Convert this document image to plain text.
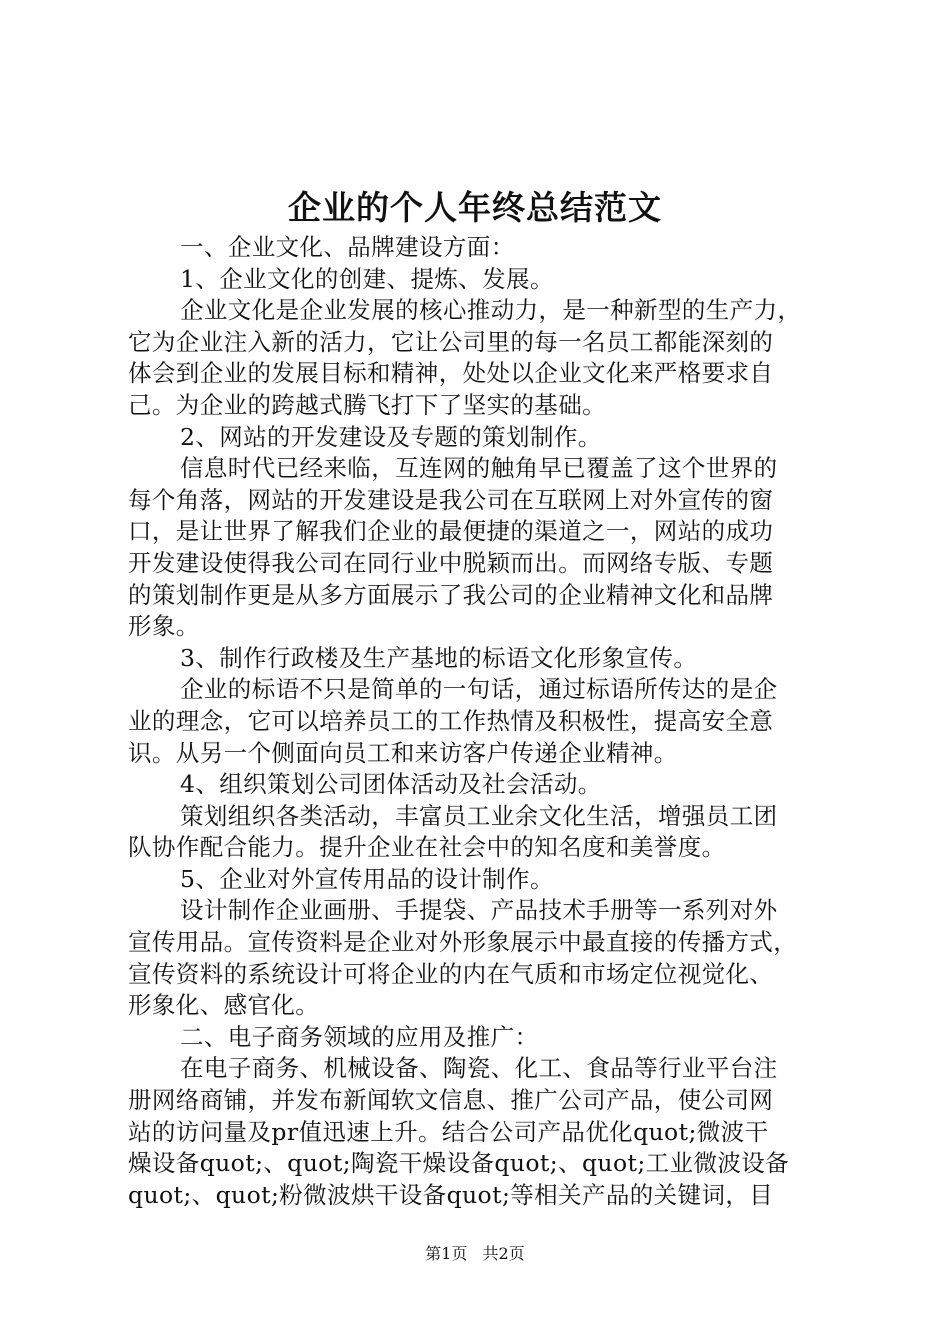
企业的个人年终总结范文
一、企业文化、品牌建设方面：
1、企业文化的创建、提炼、发展。
企业文化是企业发展的核心推动力，是一种新型的生产力，
它为企业注入新的活力，它让公司里的每一名员工都能深刻的
体会到企业的发展目标和精神，处处以企业文化来严格要求自
己。为企业的跨越式腾飞打下了坚实的基础。
2、网站的开发建设及专题的策划制作。
信息时代已经来临，互连网的触角早已覆盖了这个世界的
每个角落，网站的开发建设是我公司在互联网上对外宣传的窗
口，是让世界了解我们企业的最便捷的渠道之一，网站的成功
开发建设使得我公司在同行业中脱颖而出。而网络专版、专题
的策划制作更是从多方面展示了我公司的企业精神文化和品牌
形象。
3、制作行政楼及生产基地的标语文化形象宣传。
企业的标语不只是简单的一句话，通过标语所传达的是企
业的理念，它可以培养员工的工作热情及积极性，提高安全意
识。从另一个侧面向员工和来访客户传递企业精神。
4、组织策划公司团体活动及社会活动。
策划组织各类活动，丰富员工业余文化生活，增强员工团
队协作配合能力。提升企业在社会中的知名度和美誉度。
5、企业对外宣传用品的设计制作。
设计制作企业画册、手提袋、产品技术手册等一系列对外
宣传用品。宣传资料是企业对外形象展示中最直接的传播方式，
宣传资料的系统设计可将企业的内在气质和市场定位视觉化、
形象化、感官化。
二、电子商务领域的应用及推广：
在电子商务、机械设备、陶瓷、化工、食品等行业平台注
册网络商铺，并发布新闻软文信息、推广公司产品，使公司网
站的访问量及pr值迅速上升。结合公司产品优化quot;微波干
燥设备quot;、quot;陶瓷干燥设备quot;、quot;工业微波设备
quot;、quot;粉微波烘干设备quot;等相关产品的关键词，目
第1页 共2页
